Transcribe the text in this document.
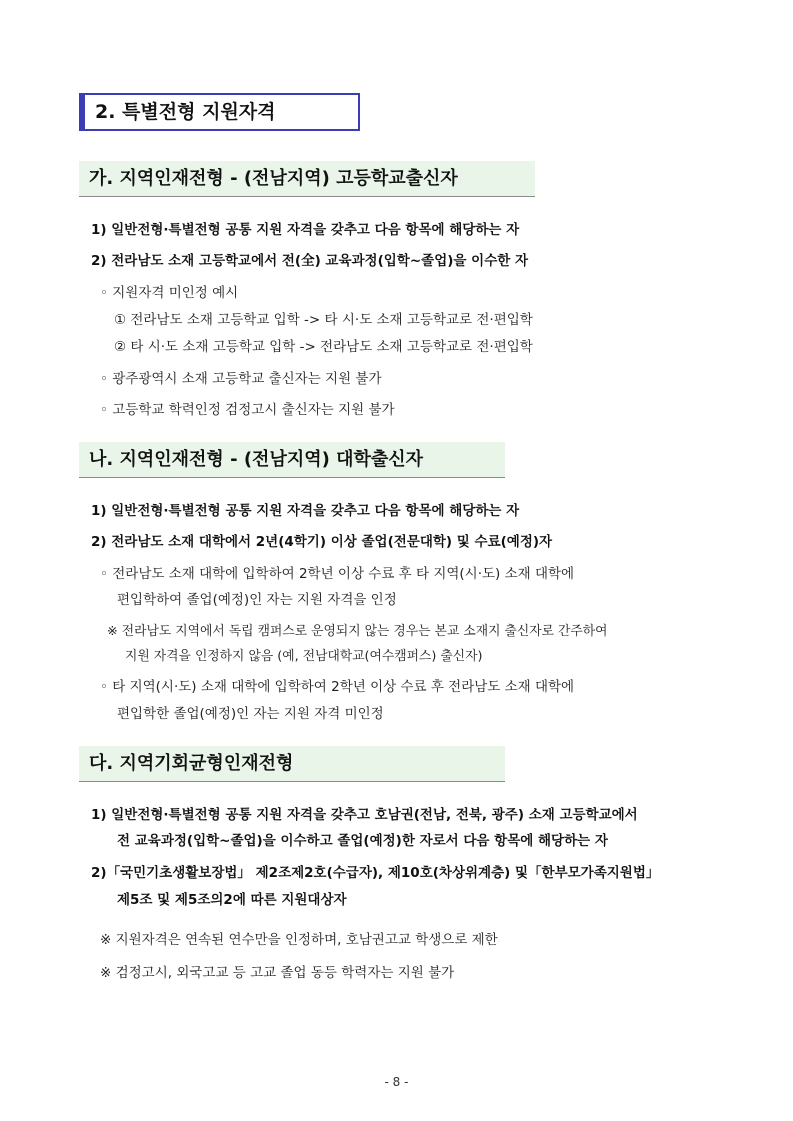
2. 특별전형 지원자격
가. 지역인재전형 - (전남지역) 고등학교출신자
1) 일반전형·특별전형 공통 지원 자격을 갖추고 다음 항목에 해당하는 자
2) 전라남도 소재 고등학교에서 전(全) 교육과정(입학~졸업)을 이수한 자
◦ 지원자격 미인정 예시
① 전라남도 소재 고등학교 입학 -> 타 시·도 소재 고등학교로 전·편입학
② 타 시·도 소재 고등학교 입학 -> 전라남도 소재 고등학교로 전·편입학
◦ 광주광역시 소재 고등학교 출신자는 지원 불가
◦ 고등학교 학력인정 검정고시 출신자는 지원 불가
나. 지역인재전형 - (전남지역) 대학출신자
1) 일반전형·특별전형 공통 지원 자격을 갖추고 다음 항목에 해당하는 자
2) 전라남도 소재 대학에서 2년(4학기) 이상 졸업(전문대학) 및 수료(예정)자
◦ 전라남도 소재 대학에 입학하여 2학년 이상 수료 후 타 지역(시·도) 소재 대학에
편입학하여 졸업(예정)인 자는 지원 자격을 인정
※ 전라남도 지역에서 독립 캠퍼스로 운영되지 않는 경우는 본교 소재지 출신자로 간주하여
지원 자격을 인정하지 않음 (예, 전남대학교(여수캠퍼스) 출신자)
◦ 타 지역(시·도) 소재 대학에 입학하여 2학년 이상 수료 후 전라남도 소재 대학에
편입학한 졸업(예정)인 자는 지원 자격 미인정
다. 지역기회균형인재전형
1) 일반전형·특별전형 공통 지원 자격을 갖추고 호남권(전남, 전북, 광주) 소재 고등학교에서
전 교육과정(입학~졸업)을 이수하고 졸업(예정)한 자로서 다음 항목에 해당하는 자
2)「국민기초생활보장법」 제2조제2호(수급자), 제10호(차상위계층) 및「한부모가족지원법」
제5조 및 제5조의2에 따른 지원대상자
※ 지원자격은 연속된 연수만을 인정하며, 호남권고교 학생으로 제한
※ 검정고시, 외국고교 등 고교 졸업 동등 학력자는 지원 불가
- 8 -
